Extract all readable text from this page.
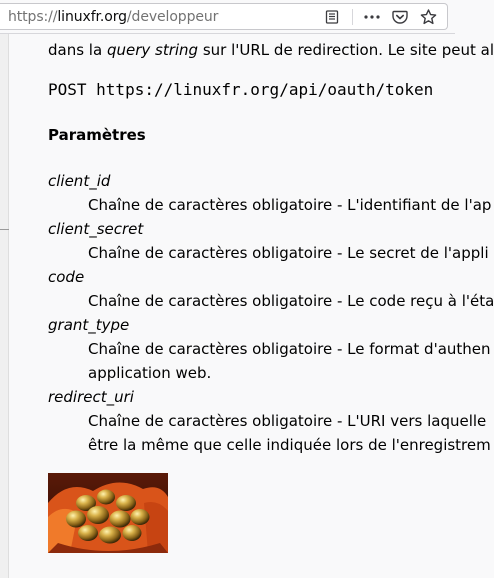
https://linuxfr.org/developpeur
dans la query string sur l'URL de redirection. Le site peut al
POST https://linuxfr.org/api/oauth/token
Paramètres
client_id
Chaîne de caractères obligatoire - L'identifiant de l'ap
client_secret
Chaîne de caractères obligatoire - Le secret de l'appli
code
Chaîne de caractères obligatoire - Le code reçu à l'éta
grant_type
Chaîne de caractères obligatoire - Le format d'authen
application web.
redirect_uri
Chaîne de caractères obligatoire - L'URI vers laquelle
être la même que celle indiquée lors de l'enregistrem
